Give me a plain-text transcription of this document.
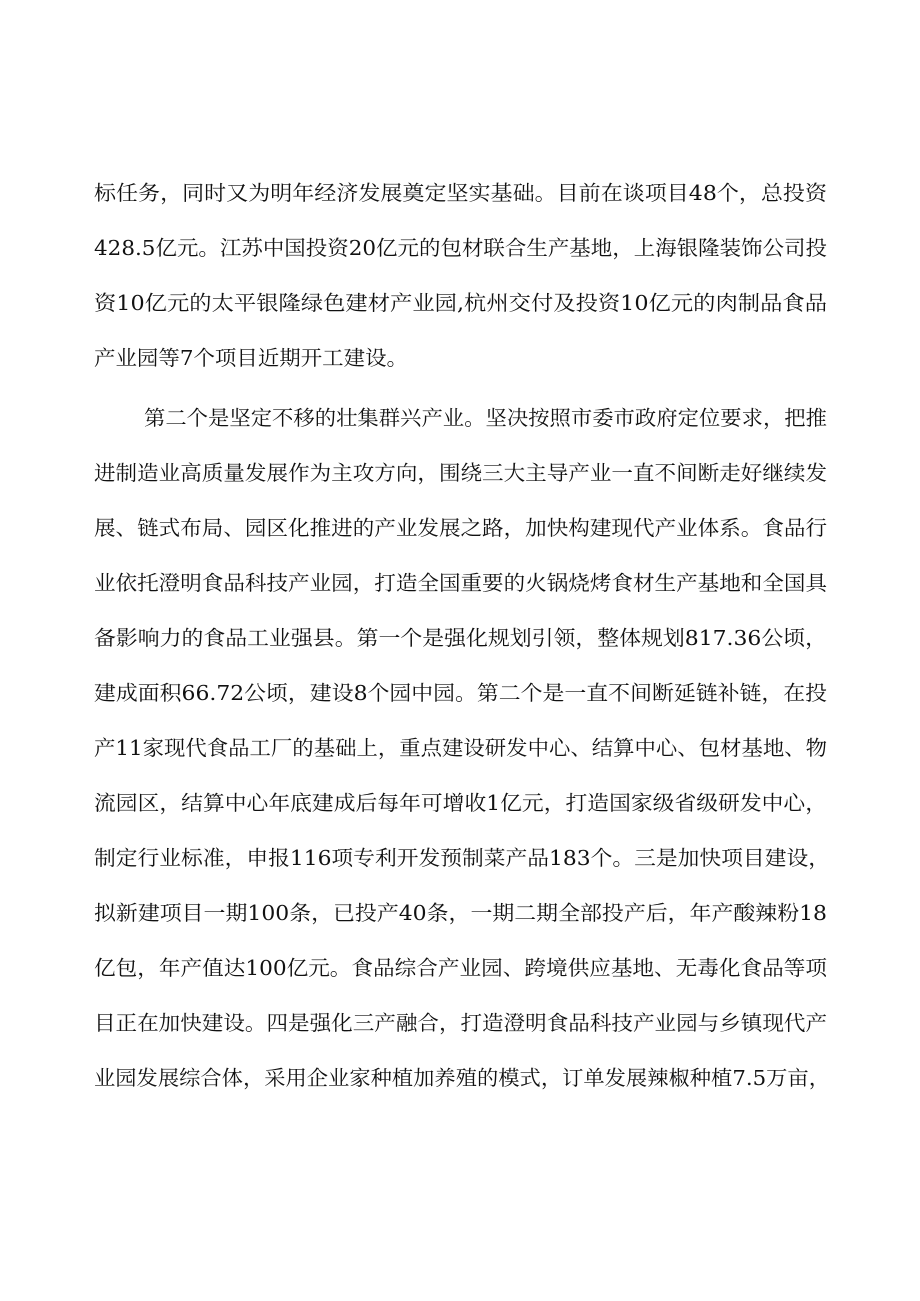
标任务，同时又为明年经济发展奠定坚实基础。目前在谈项目48个，总投资
428.5亿元。江苏中国投资20亿元的包材联合生产基地，上海银隆装饰公司投
资10亿元的太平银隆绿色建材产业园,杭州交付及投资10亿元的肉制品食品
产业园等7个项目近期开工建设。
第二个是坚定不移的壮集群兴产业。坚决按照市委市政府定位要求，把推
进制造业高质量发展作为主攻方向，围绕三大主导产业一直不间断走好继续发
展、链式布局、园区化推进的产业发展之路，加快构建现代产业体系。食品行
业依托澄明食品科技产业园，打造全国重要的火锅烧烤食材生产基地和全国具
备影响力的食品工业强县。第一个是强化规划引领，整体规划817.36公顷，
建成面积66.72公顷，建设8个园中园。第二个是一直不间断延链补链，在投
产11家现代食品工厂的基础上，重点建设研发中心、结算中心、包材基地、物
流园区，结算中心年底建成后每年可增收1亿元，打造国家级省级研发中心，
制定行业标准，申报116项专利开发预制菜产品183个。三是加快项目建设，
拟新建项目一期100条，已投产40条，一期二期全部投产后，年产酸辣粉18
亿包，年产值达100亿元。食品综合产业园、跨境供应基地、无毒化食品等项
目正在加快建设。四是强化三产融合，打造澄明食品科技产业园与乡镇现代产
业园发展综合体，采用企业家种植加养殖的模式，订单发展辣椒种植7.5万亩，
